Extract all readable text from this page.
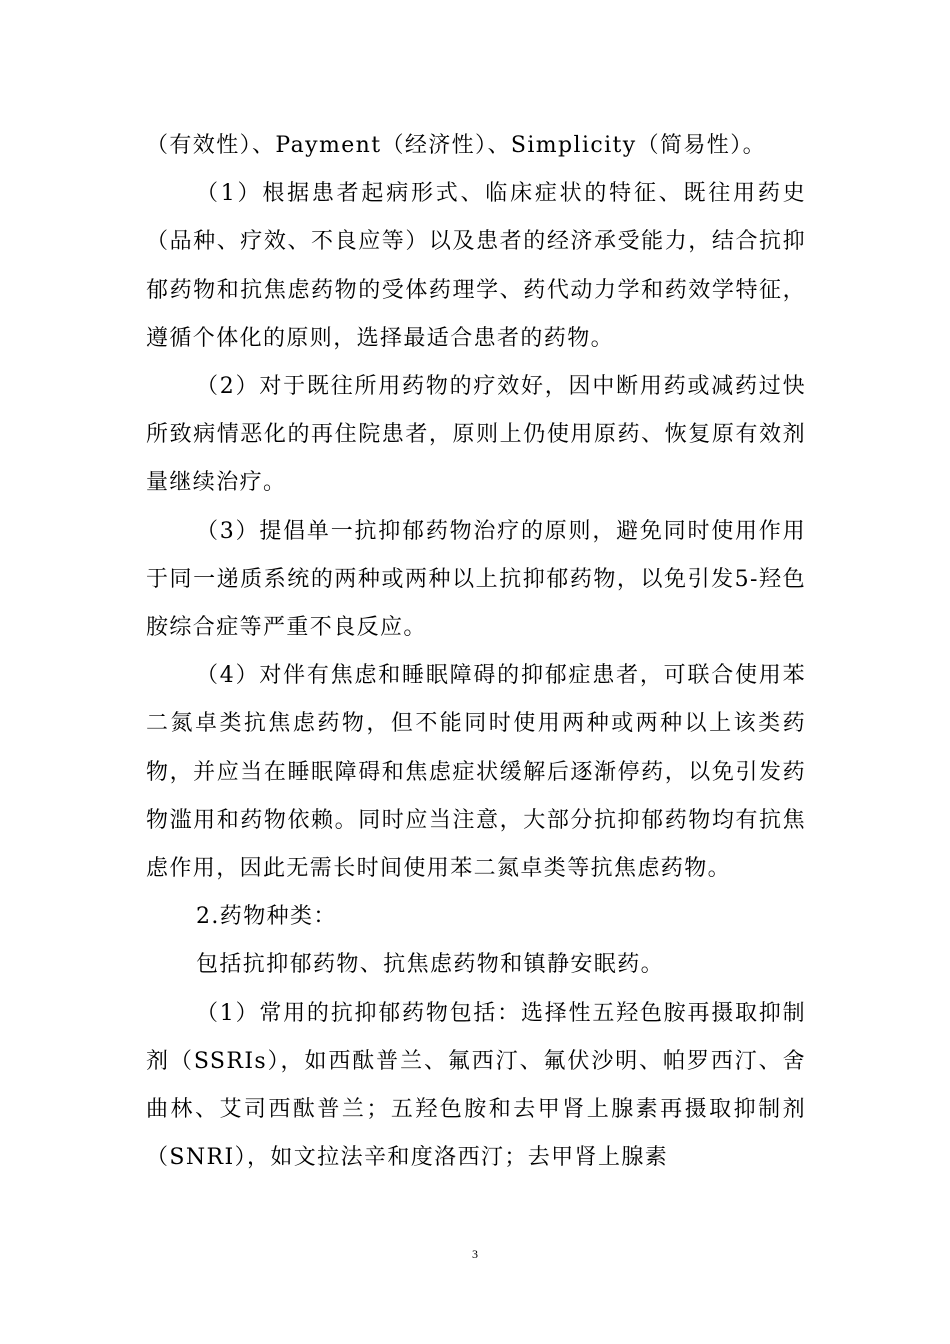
（有效性）、Payment（经济性）、Simplicity（简易性）。

（1）根据患者起病形式、临床症状的特征、既往用药史（品种、疗效、不良应等）以及患者的经济承受能力，结合抗抑郁药物和抗焦虑药物的受体药理学、药代动力学和药效学特征，遵循个体化的原则，选择最适合患者的药物。

（2）对于既往所用药物的疗效好，因中断用药或减药过快所致病情恶化的再住院患者，原则上仍使用原药、恢复原有效剂量继续治疗。

（3）提倡单一抗抑郁药物治疗的原则，避免同时使用作用于同一递质系统的两种或两种以上抗抑郁药物，以免引发5-羟色胺综合症等严重不良反应。

（4）对伴有焦虑和睡眠障碍的抑郁症患者，可联合使用苯二氮卓类抗焦虑药物，但不能同时使用两种或两种以上该类药物，并应当在睡眠障碍和焦虑症状缓解后逐渐停药，以免引发药物滥用和药物依赖。同时应当注意，大部分抗抑郁药物均有抗焦虑作用，因此无需长时间使用苯二氮卓类等抗焦虑药物。

2.药物种类：

包括抗抑郁药物、抗焦虑药物和镇静安眠药。

（1）常用的抗抑郁药物包括：选择性五羟色胺再摄取抑制剂（SSRIs），如西酞普兰、氟西汀、氟伏沙明、帕罗西汀、舍曲林、艾司西酞普兰；五羟色胺和去甲肾上腺素再摄取抑制剂（SNRI），如文拉法辛和度洛西汀；去甲肾上腺素

3
